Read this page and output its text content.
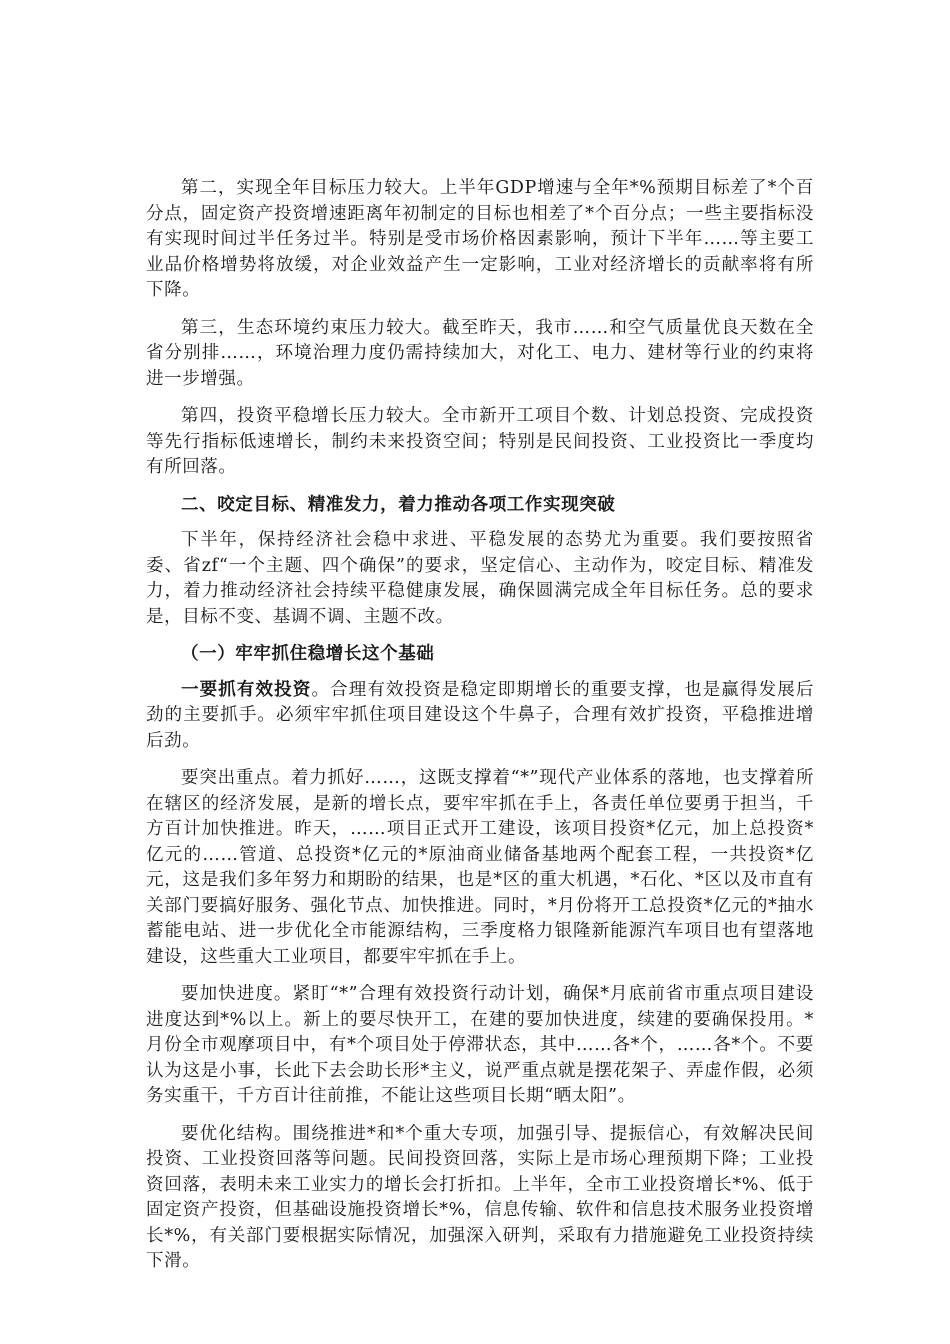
第二，实现全年目标压力较大。上半年GDP增速与全年*%预期目标差了*个百分点，固定资产投资增速距离年初制定的目标也相差了*个百分点；一些主要指标没有实现时间过半任务过半。特别是受市场价格因素影响，预计下半年……等主要工业品价格增势将放缓，对企业效益产生一定影响，工业对经济增长的贡献率将有所下降。

第三，生态环境约束压力较大。截至昨天，我市……和空气质量优良天数在全省分别排……，环境治理力度仍需持续加大，对化工、电力、建材等行业的约束将进一步增强。

第四，投资平稳增长压力较大。全市新开工项目个数、计划总投资、完成投资等先行指标低速增长，制约未来投资空间；特别是民间投资、工业投资比一季度均有所回落。

二、咬定目标、精准发力，着力推动各项工作实现突破

下半年，保持经济社会稳中求进、平稳发展的态势尤为重要。我们要按照省委、省zf“一个主题、四个确保”的要求，坚定信心、主动作为，咬定目标、精准发力，着力推动经济社会持续平稳健康发展，确保圆满完成全年目标任务。总的要求是，目标不变、基调不调、主题不改。

（一）牢牢抓住稳增长这个基础

一要抓有效投资。合理有效投资是稳定即期增长的重要支撑，也是赢得发展后劲的主要抓手。必须牢牢抓住项目建设这个牛鼻子，合理有效扩投资，平稳推进增后劲。

要突出重点。着力抓好……，这既支撑着“*”现代产业体系的落地，也支撑着所在辖区的经济发展，是新的增长点，要牢牢抓在手上，各责任单位要勇于担当，千方百计加快推进。昨天，……项目正式开工建设，该项目投资*亿元，加上总投资*亿元的……管道、总投资*亿元的*原油商业储备基地两个配套工程，一共投资*亿元，这是我们多年努力和期盼的结果，也是*区的重大机遇，*石化、*区以及市直有关部门要搞好服务、强化节点、加快推进。同时，*月份将开工总投资*亿元的*抽水蓄能电站、进一步优化全市能源结构，三季度格力银隆新能源汽车项目也有望落地建设，这些重大工业项目，都要牢牢抓在手上。

要加快进度。紧盯“*”合理有效投资行动计划，确保*月底前省市重点项目建设进度达到*%以上。新上的要尽快开工，在建的要加快进度，续建的要确保投用。*月份全市观摩项目中，有*个项目处于停滞状态，其中……各*个，……各*个。不要认为这是小事，长此下去会助长形*主义，说严重点就是摆花架子、弄虚作假，必须务实重干，千方百计往前推，不能让这些项目长期“晒太阳”。

要优化结构。围绕推进*和*个重大专项，加强引导、提振信心，有效解决民间投资、工业投资回落等问题。民间投资回落，实际上是市场心理预期下降；工业投资回落，表明未来工业实力的增长会打折扣。上半年，全市工业投资增长*%、低于固定资产投资，但基础设施投资增长*%，信息传输、软件和信息技术服务业投资增长*%，有关部门要根据实际情况，加强深入研判，采取有力措施避免工业投资持续下滑。
